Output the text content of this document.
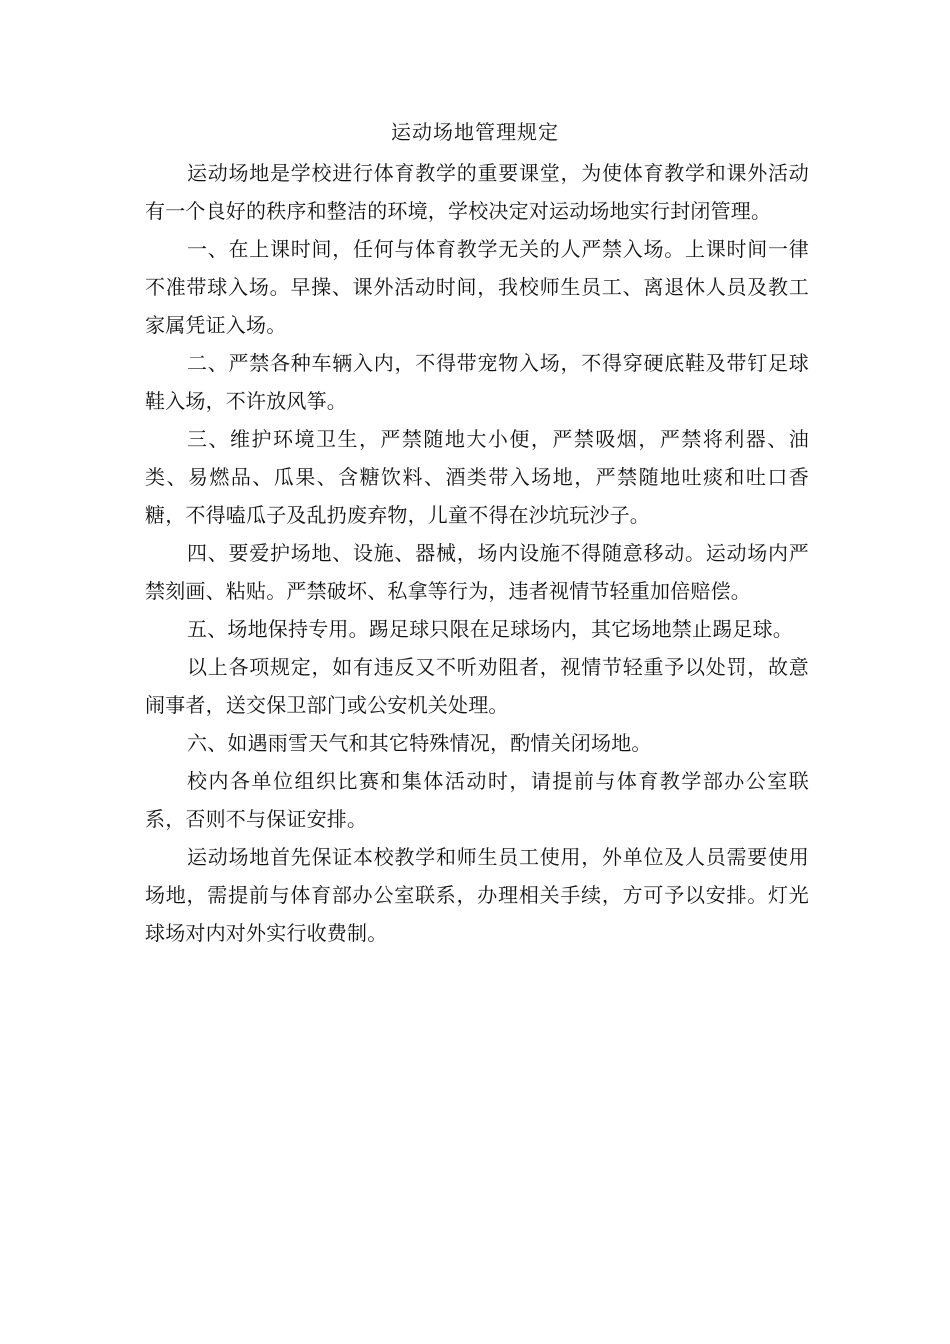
运动场地管理规定

运动场地是学校进行体育教学的重要课堂，为使体育教学和课外活动有一个良好的秩序和整洁的环境，学校决定对运动场地实行封闭管理。

一、在上课时间，任何与体育教学无关的人严禁入场。上课时间一律不准带球入场。早操、课外活动时间，我校师生员工、离退休人员及教工家属凭证入场。

二、严禁各种车辆入内，不得带宠物入场，不得穿硬底鞋及带钉足球鞋入场，不许放风筝。

三、维护环境卫生，严禁随地大小便，严禁吸烟，严禁将利器、油类、易燃品、瓜果、含糖饮料、酒类带入场地，严禁随地吐痰和吐口香糖，不得嗑瓜子及乱扔废弃物，儿童不得在沙坑玩沙子。

四、要爱护场地、设施、器械，场内设施不得随意移动。运动场内严禁刻画、粘贴。严禁破坏、私拿等行为，违者视情节轻重加倍赔偿。

五、场地保持专用。踢足球只限在足球场内，其它场地禁止踢足球。

以上各项规定，如有违反又不听劝阻者，视情节轻重予以处罚，故意闹事者，送交保卫部门或公安机关处理。

六、如遇雨雪天气和其它特殊情况，酌情关闭场地。

校内各单位组织比赛和集体活动时，请提前与体育教学部办公室联系，否则不与保证安排。

运动场地首先保证本校教学和师生员工使用，外单位及人员需要使用场地，需提前与体育部办公室联系，办理相关手续，方可予以安排。灯光球场对内对外实行收费制。
